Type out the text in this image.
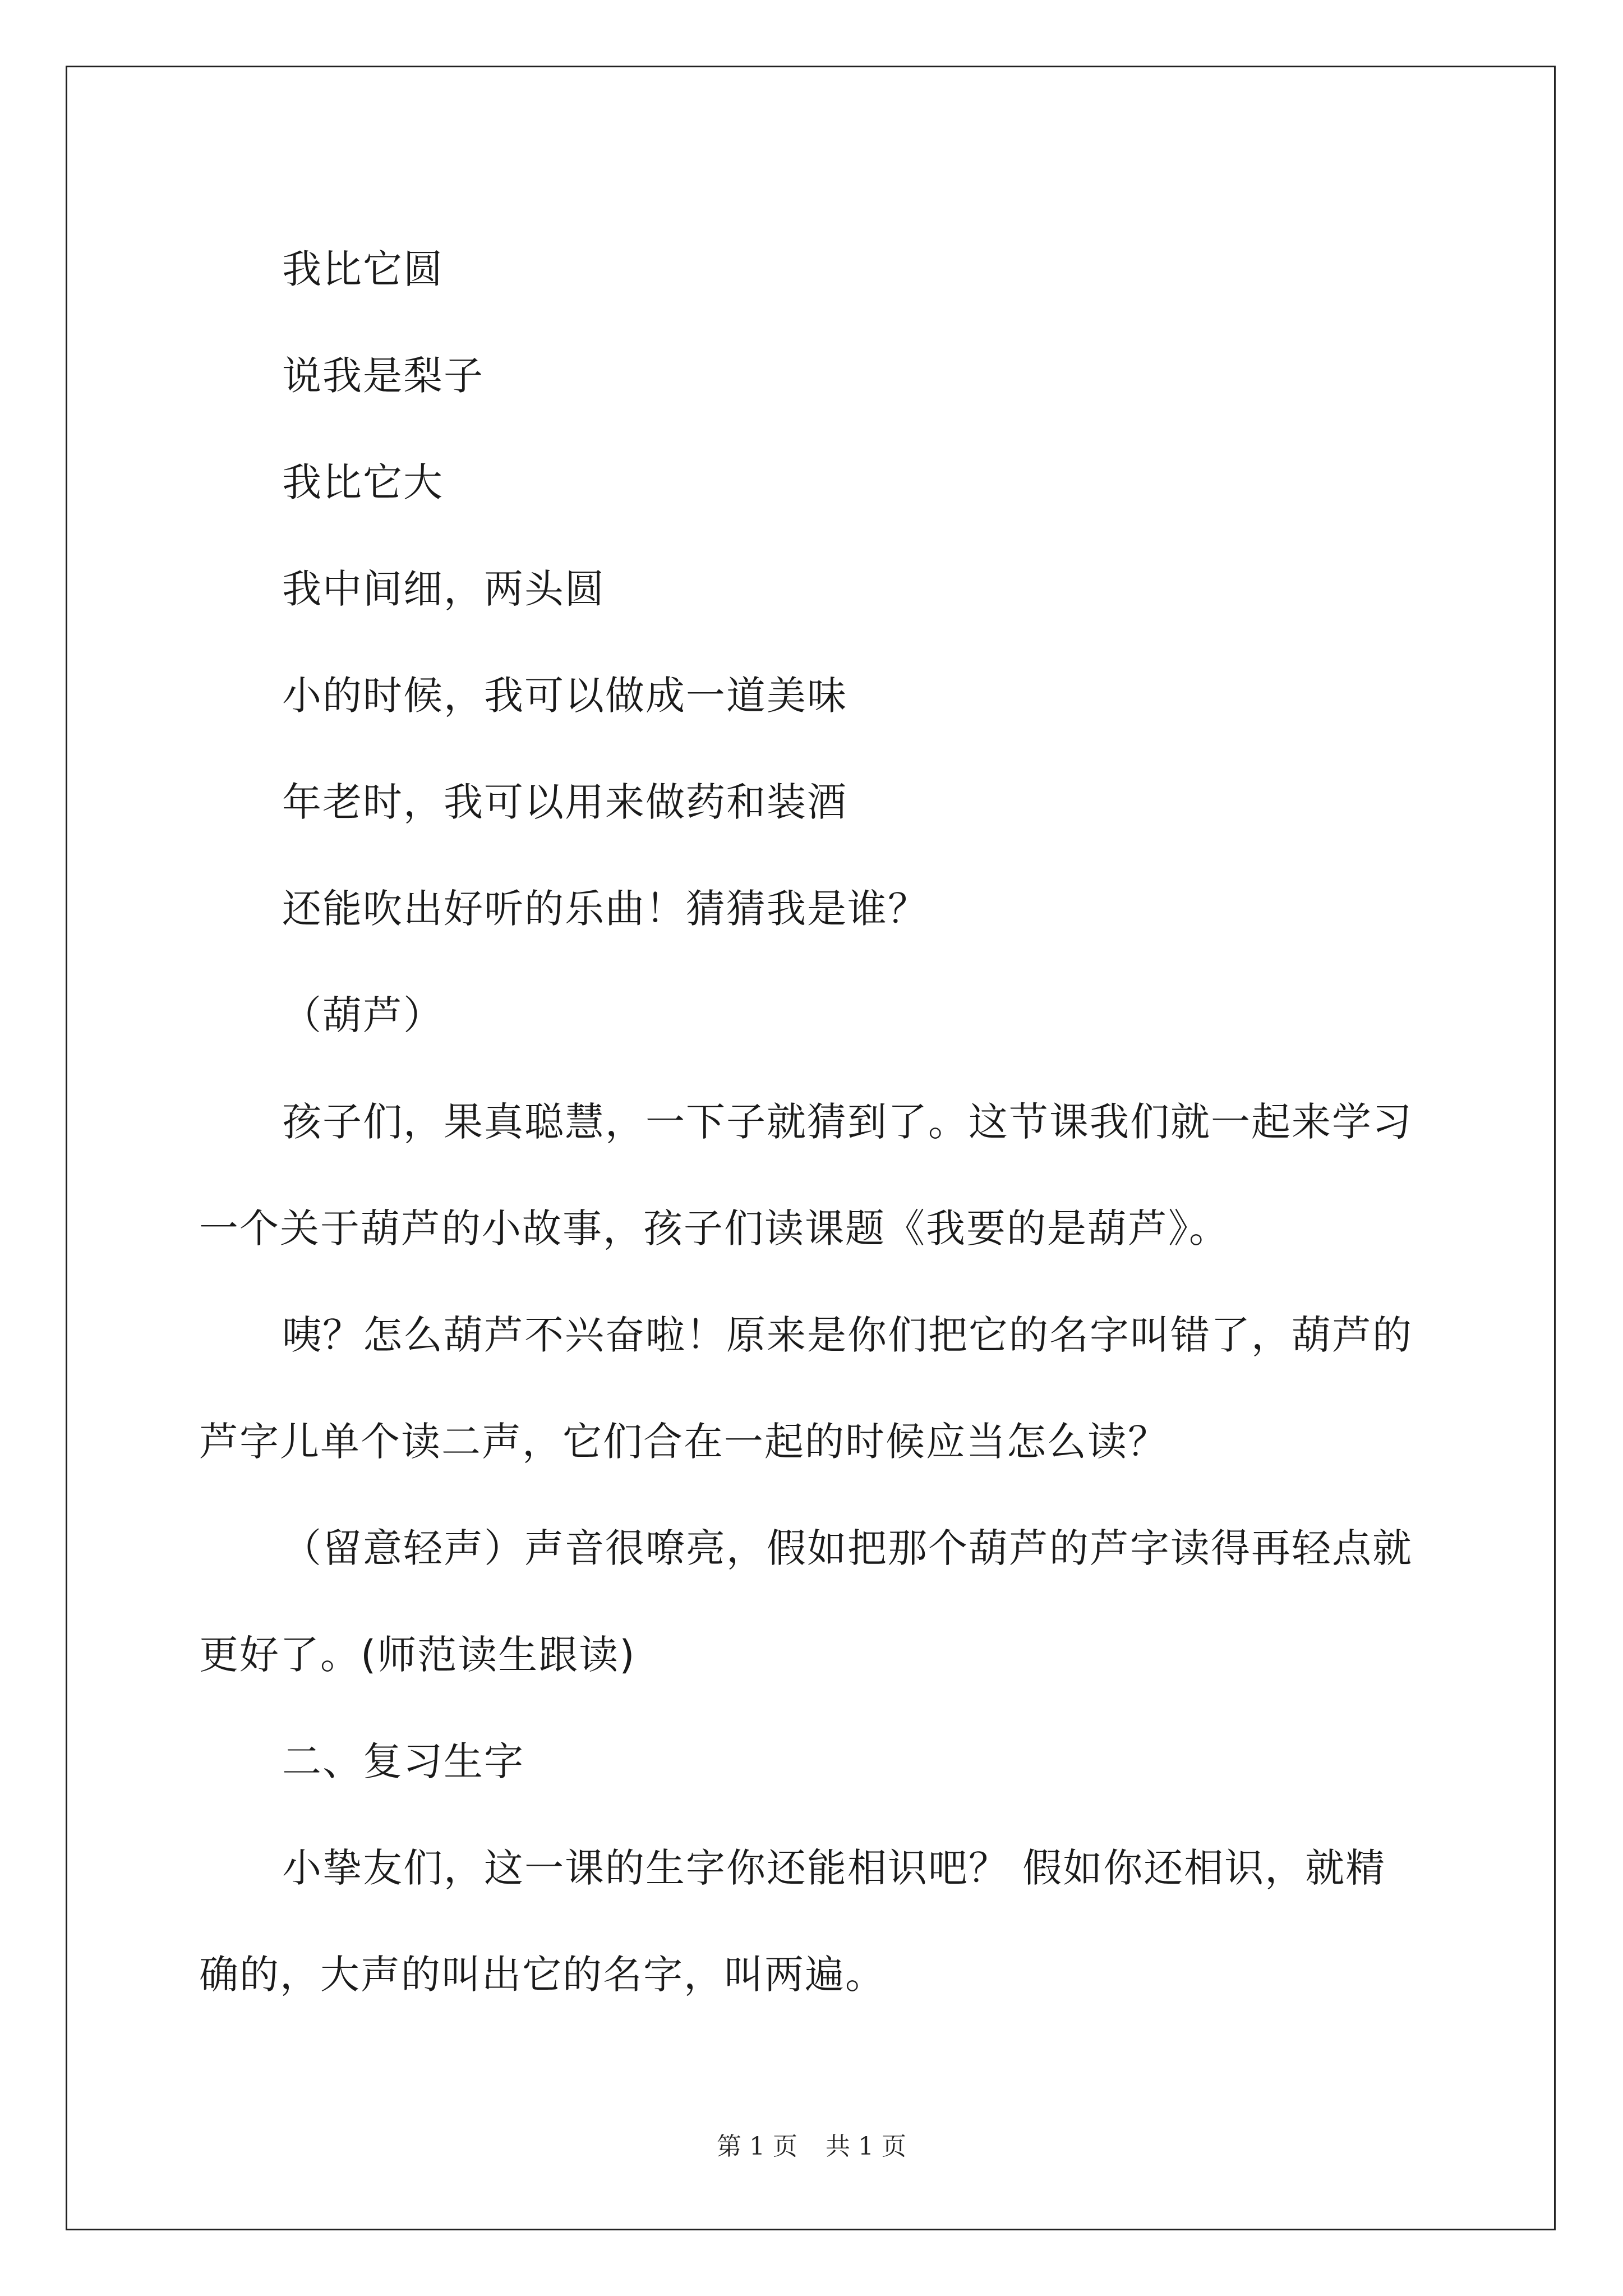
我比它圆

说我是梨子

我比它大

我中间细，两头圆

小的时候，我可以做成一道美味

年老时，我可以用来做药和装酒

还能吹出好听的乐曲！猜猜我是谁？

（葫芦）

孩子们，果真聪慧，一下子就猜到了。这节课我们就一起来学习一个关于葫芦的小故事，孩子们读课题《我要的是葫芦》。

咦？怎么葫芦不兴奋啦！原来是你们把它的名字叫错了，葫芦的芦字儿单个读二声，它们合在一起的时候应当怎么读？

（留意轻声）声音很嘹亮，假如把那个葫芦的芦字读得再轻点就更好了。(师范读生跟读)

二、复习生字

小挚友们，这一课的生字你还能相识吧？ 假如你还相识，就精确的，大声的叫出它的名字，叫两遍。

第 1 页 共 1 页
